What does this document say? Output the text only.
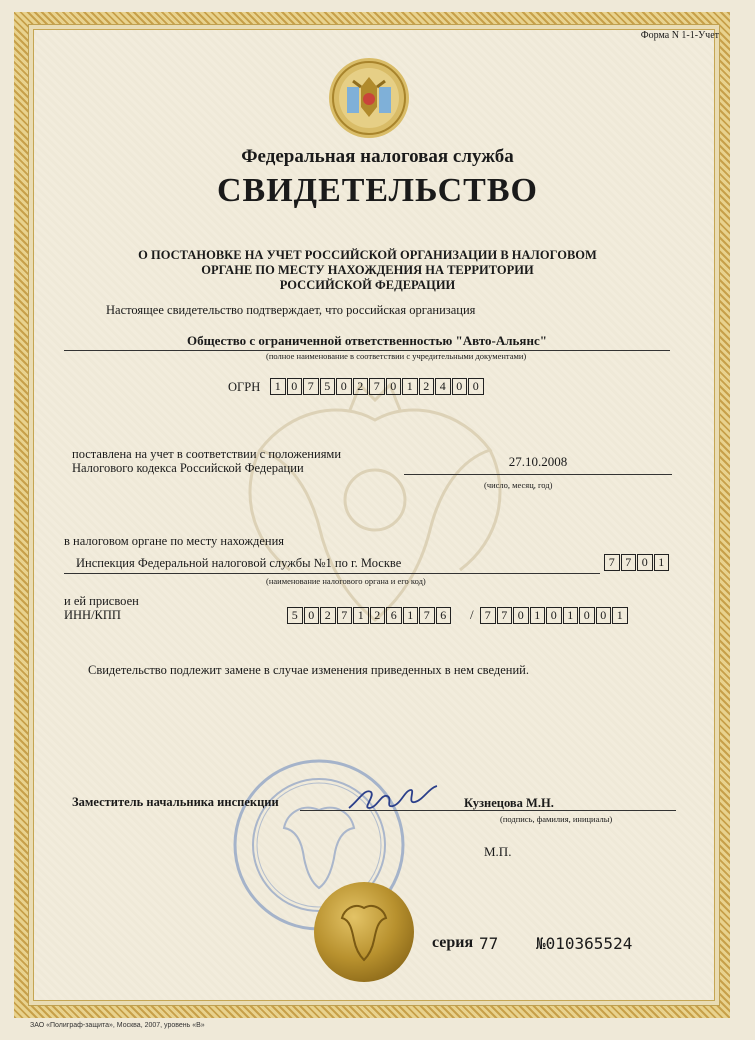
Форма N 1-1-Учет
Федеральная налоговая служба
СВИДЕТЕЛЬСТВО
О ПОСТАНОВКЕ НА УЧЕТ РОССИЙСКОЙ ОРГАНИЗАЦИИ В НАЛОГОВОМ
ОРГАНЕ ПО МЕСТУ НАХОЖДЕНИЯ НА ТЕРРИТОРИИ
РОССИЙСКОЙ ФЕДЕРАЦИИ
Настоящее свидетельство подтверждает, что российская организация
Общество с ограниченной ответственностью "Авто-Альянс"
(полное наименование в соответствии с учредительными документами)
ОГРН	1 0 7 5 0 2 7 0 1 2 4 0 0
поставлена на учет в соответствии с положениями
Налогового кодекса Российской Федерации	27.10.2008
(число, месяц, год)
в налоговом органе по месту нахождения
Инспекция Федеральной налоговой службы №1 по г. Москве	7 7 0 1
(наименование налогового органа и его код)
и ей присвоен
ИНН/КПП	5 0 2 7 1 2 6 1 7 6	/ 7 7 0 1 0 1 0 0 1
Свидетельство подлежит замене в случае изменения приведенных в нем сведений.
Заместитель начальника инспекции	Кузнецова М.Н.
(подпись, фамилия, инициалы)
М.П.
серия 77 №010365524
ЗАО «Полиграф-защита», Москва, 2007, уровень «В»
